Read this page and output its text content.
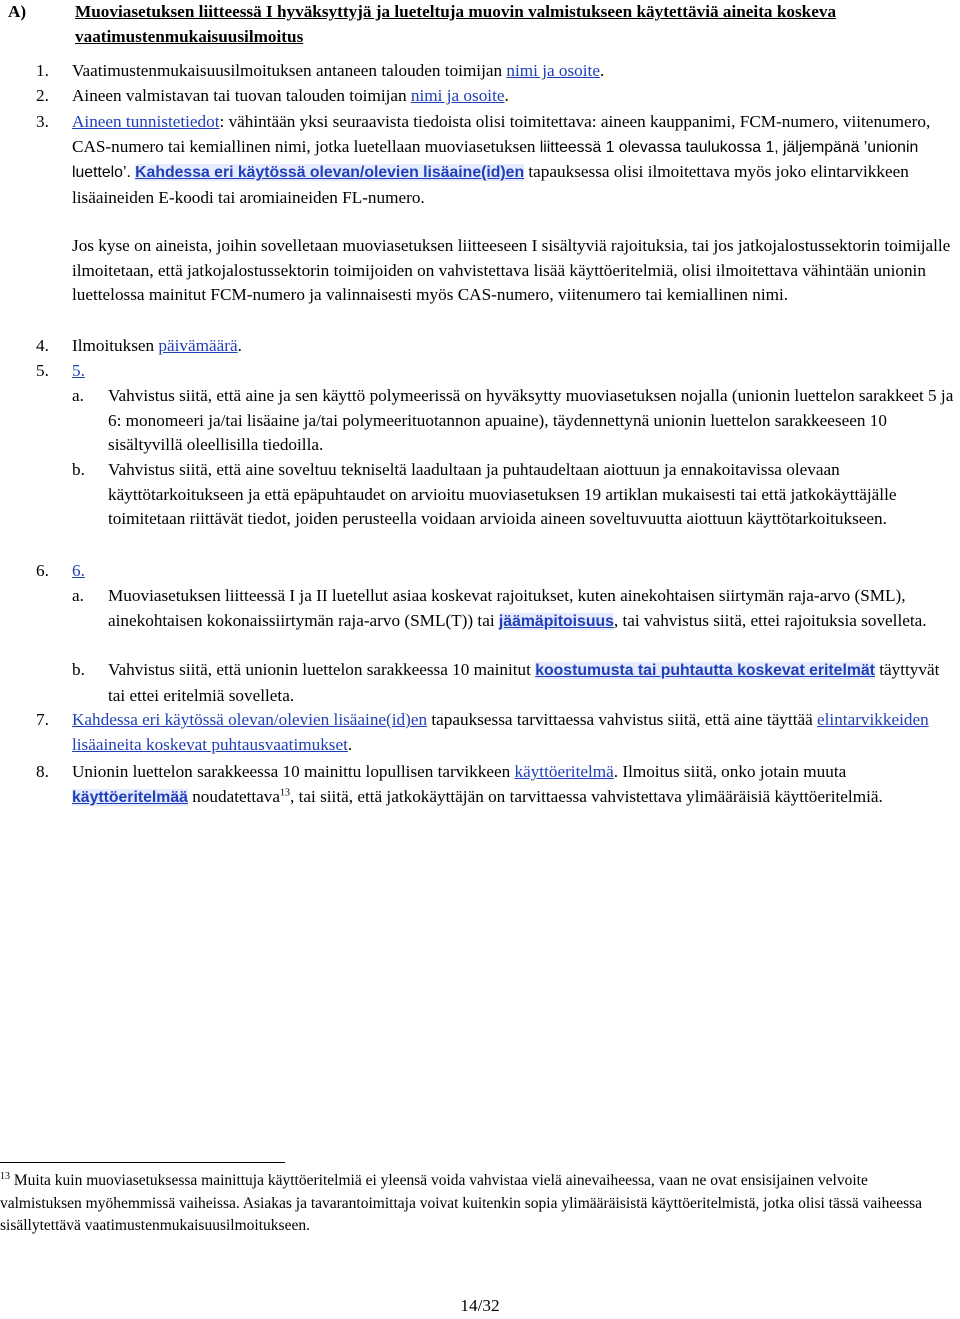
A)	Muoviasetuksen liitteessä I hyväksyttyjä ja lueteltuja muovin valmistukseen käytettäviä aineita koskeva vaatimustenmukaisuusilmoitus
1. Vaatimustenmukaisuusilmoituksen antaneen talouden toimijan nimi ja osoite.
2. Aineen valmistavan tai tuovan talouden toimijan nimi ja osoite.
3. Aineen tunnistetiedot: vähintään yksi seuraavista tiedoista olisi toimitettava: aineen kauppanimi, FCM-numero, viitenumero, CAS-numero tai kemiallinen nimi, jotka luetellaan muoviasetuksen liitteessä 1 olevassa taulukossa 1, jäljempänä ’unionin luettelo’. Kahdessa eri käytössä olevan/olevien lisäaine(id)en tapauksessa olisi ilmoitettava myös joko elintarvikkeen lisäaineiden E-koodi tai aromiaineiden FL-numero.
Jos kyse on aineista, joihin sovelletaan muoviasetuksen liitteeseen I sisältyviä rajoituksia, tai jos jatkojalostussektorin toimijalle ilmoitetaan, että jatkojalostussektorin toimijoiden on vahvistettava lisää käyttöeritelmiä, olisi ilmoitettava vähintään unionin luettelossa mainitut FCM-numero ja valinnaisesti myös CAS-numero, viitenumero tai kemiallinen nimi.
4. Ilmoituksen päivämäärä.
5. 5.
a. Vahvistus siitä, että aine ja sen käyttö polymeerissä on hyväksytty muoviasetuksen nojalla (unionin luettelon sarakkeet 5 ja 6: monomeeri ja/tai lisäaine ja/tai polymeerituotannon apuaine), täydennettynä unionin luettelon sarakkeeseen 10 sisältyvillä oleellisilla tiedoilla.
b. Vahvistus siitä, että aine soveltuu tekniseltä laadultaan ja puhtaudeltaan aiottuun ja ennakoitavissa olevaan käyttötarkoitukseen ja että epäpuhtaudet on arvioitu muoviasetuksen 19 artiklan mukaisesti tai että jatkokäyttäjälle toimitetaan riittävät tiedot, joiden perusteella voidaan arvioida aineen soveltuvuutta aiottuun käyttötarkoitukseen.
6. 6.
a. Muoviasetuksen liitteessä I ja II luetellut asiaa koskevat rajoitukset, kuten ainekohtaisen siirtymän raja-arvo (SML), ainekohtaisen kokonaissiirtymän raja-arvo (SML(T)) tai jäämäpitoisuus, tai vahvistus siitä, ettei rajoituksia sovelleta.
b. Vahvistus siitä, että unionin luettelon sarakkeessa 10 mainitut koostumusta tai puhtautta koskevat eritelmät täyttyvät tai ettei eritelmiä sovelleta.
7. Kahdessa eri käytössä olevan/olevien lisäaine(id)en tapauksessa tarvittaessa vahvistus siitä, että aine täyttää elintarvikkeiden lisäaineita koskevat puhtausvaatimukset.
8. Unionin luettelon sarakkeessa 10 mainittu lopullisen tarvikkeen käyttöeritelmä. Ilmoitus siitä, onko jotain muuta käyttöeritelmää noudatettava$^{13}$, tai siitä, että jatkokäyttäjän on tarvittaessa vahvistettava ylimääräisiä käyttöeritelmiä.
$^{13}$ Muita kuin muoviasetuksessa mainittuja käyttöeritelmiä ei yleensä voida vahvistaa vielä ainevaiheessa, vaan ne ovat ensisijainen velvoite valmistuksen myöhemmissä vaiheissa. Asiakas ja tavarantoimittaja voivat kuitenkin sopia ylimääräisistä käyttöeritelmistä, jotka olisi tässä vaiheessa sisällytettävä vaatimustenmukaisuusilmoitukseen.
14/32
